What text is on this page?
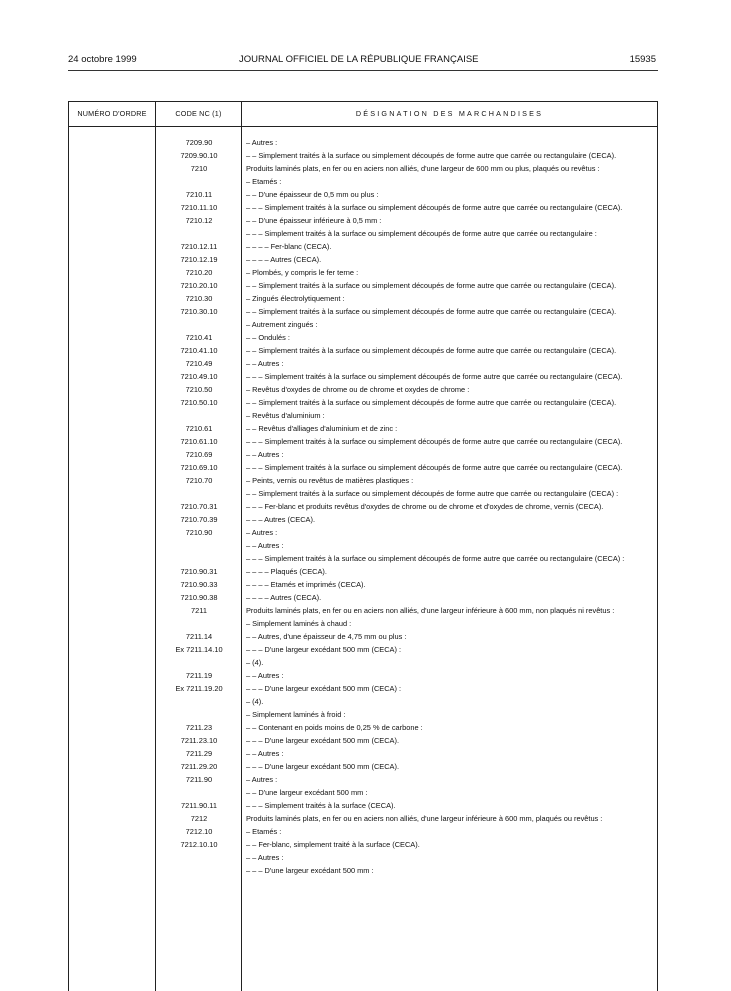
24 octobre 1999	JOURNAL OFFICIEL DE LA RÉPUBLIQUE FRANÇAISE	15935
NUMÉRO D'ORDRE	CODE NC (1)	DÉSIGNATION DES MARCHANDISES
7209.90	– Autres :
7209.90.10	– – Simplement traités à la surface ou simplement découpés de forme autre que carrée ou rectangulaire (CECA).
7210	Produits laminés plats, en fer ou en aciers non alliés, d'une largeur de 600 mm ou plus, plaqués ou revêtus :
– Etamés :
7210.11	– – D'une épaisseur de 0,5 mm ou plus :
7210.11.10	– – – Simplement traités à la surface ou simplement découpés de forme autre que carrée ou rectangulaire (CECA).
7210.12	– – D'une épaisseur inférieure à 0,5 mm :
– – – Simplement traités à la surface ou simplement découpés de forme autre que carrée ou rectangulaire :
7210.12.11	– – – – Fer-blanc (CECA).
7210.12.19	– – – – Autres (CECA).
7210.20	– Plombés, y compris le fer terne :
7210.20.10	– – Simplement traités à la surface ou simplement découpés de forme autre que carrée ou rectangulaire (CECA).
7210.30	– Zingués électrolytiquement :
7210.30.10	– – Simplement traités à la surface ou simplement découpés de forme autre que carrée ou rectangulaire (CECA).
– Autrement zingués :
7210.41	– – Ondulés :
7210.41.10	– – Simplement traités à la surface ou simplement découpés de forme autre que carrée ou rectangulaire (CECA).
7210.49	– – Autres :
7210.49.10	– – – Simplement traités à la surface ou simplement découpés de forme autre que carrée ou rectangulaire (CECA).
7210.50	– Revêtus d'oxydes de chrome ou de chrome et oxydes de chrome :
7210.50.10	– – Simplement traités à la surface ou simplement découpés de forme autre que carrée ou rectangulaire (CECA).
– Revêtus d'aluminium :
7210.61	– – Revêtus d'alliages d'aluminium et de zinc :
7210.61.10	– – – Simplement traités à la surface ou simplement découpés de forme autre que carrée ou rectangulaire (CECA).
7210.69	– – Autres :
7210.69.10	– – – Simplement traités à la surface ou simplement découpés de forme autre que carrée ou rectangulaire (CECA).
7210.70	– Peints, vernis ou revêtus de matières plastiques :
– – Simplement traités à la surface ou simplement découpés de forme autre que carrée ou rectangulaire (CECA) :
7210.70.31	– – – Fer-blanc et produits revêtus d'oxydes de chrome ou de chrome et d'oxydes de chrome, vernis (CECA).
7210.70.39	– – – Autres (CECA).
7210.90	– Autres :
– – Autres :
– – – Simplement traités à la surface ou simplement découpés de forme autre que carrée ou rectangulaire (CECA) :
7210.90.31	– – – – Plaqués (CECA).
7210.90.33	– – – – Etamés et imprimés (CECA).
7210.90.38	– – – – Autres (CECA).
7211	Produits laminés plats, en fer ou en aciers non alliés, d'une largeur inférieure à 600 mm, non plaqués ni revêtus :
– Simplement laminés à chaud :
7211.14	– – Autres, d'une épaisseur de 4,75 mm ou plus :
Ex 7211.14.10	– – – D'une largeur excédant 500 mm (CECA) :
– (4).
7211.19	– – Autres :
Ex 7211.19.20	– – – D'une largeur excédant 500 mm (CECA) :
– (4).
– Simplement laminés à froid :
7211.23	– – Contenant en poids moins de 0,25 % de carbone :
7211.23.10	– – – D'une largeur excédant 500 mm (CECA).
7211.29	– – Autres :
7211.29.20	– – – D'une largeur excédant 500 mm (CECA).
7211.90	– Autres :
– – D'une largeur excédant 500 mm :
7211.90.11	– – – Simplement traités à la surface (CECA).
7212	Produits laminés plats, en fer ou en aciers non alliés, d'une largeur inférieure à 600 mm, plaqués ou revêtus :
7212.10	– Etamés :
7212.10.10	– – Fer-blanc, simplement traité à la surface (CECA).
– – Autres :
– – – D'une largeur excédant 500 mm :
